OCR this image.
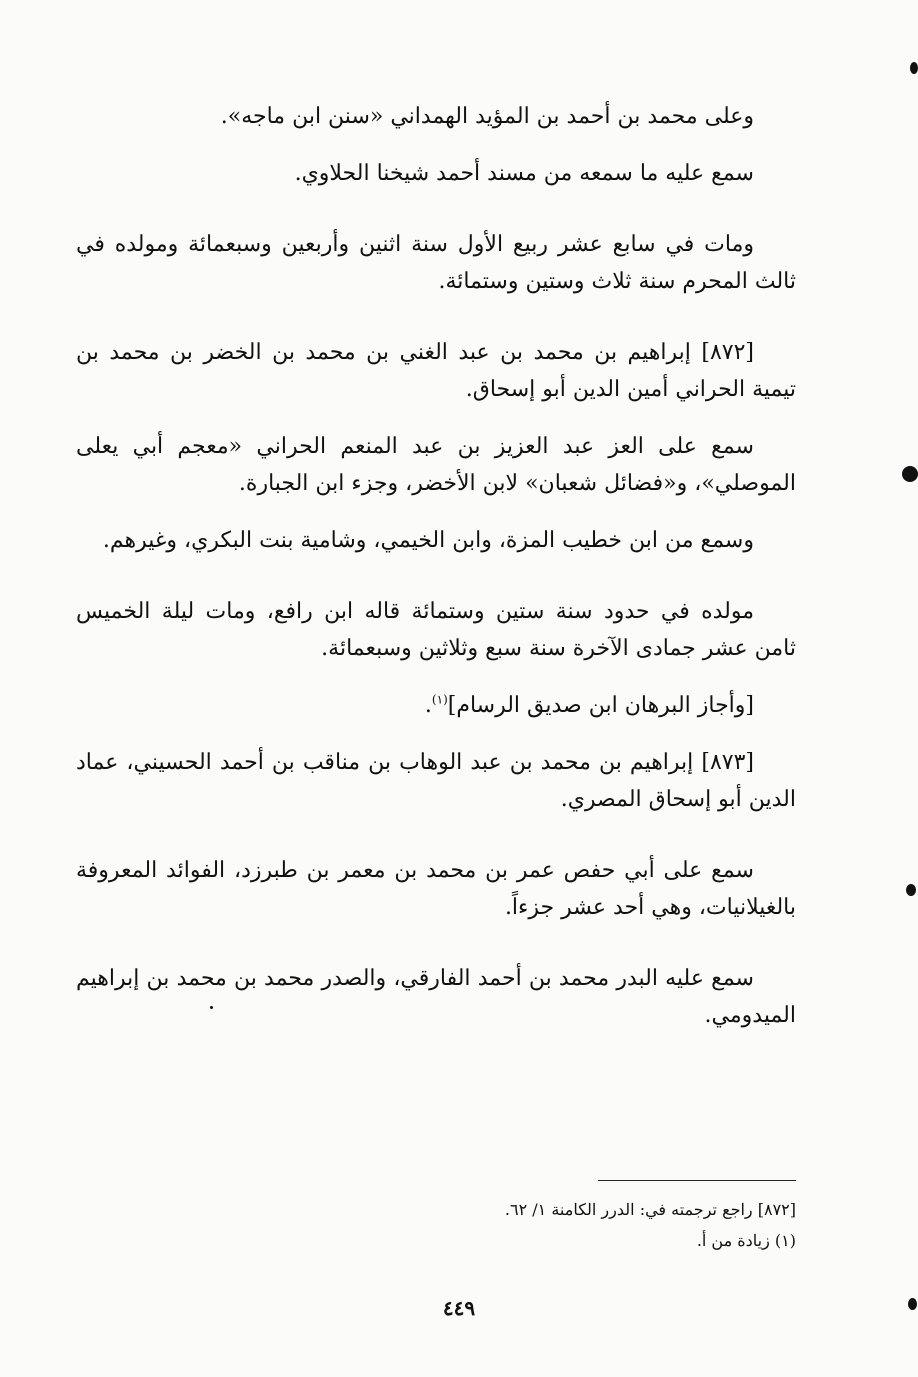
وعلى محمد بن أحمد بن المؤيد الهمداني «سنن ابن ماجه».

سمع عليه ما سمعه من مسند أحمد شيخنا الحلاوي.

ومات في سابع عشر ربيع الأول سنة اثنين وأربعين وسبعمائة ومولده في ثالث المحرم سنة ثلاث وستين وستمائة.

[٨٧٢] إبراهيم بن محمد بن عبد الغني بن محمد بن الخضر بن محمد بن تيمية الحراني أمين الدين أبو إسحاق.

سمع على العز عبد العزيز بن عبد المنعم الحراني «معجم أبي يعلى الموصلي»، و«فضائل شعبان» لابن الأخضر، وجزء ابن الجبارة.

وسمع من ابن خطيب المزة، وابن الخيمي، وشامية بنت البكري، وغيرهم.

مولده في حدود سنة ستين وستمائة قاله ابن رافع، ومات ليلة الخميس ثامن عشر جمادى الآخرة سنة سبع وثلاثين وسبعمائة.

[وأجاز البرهان ابن صديق الرسام]$^{(١)}$.

[٨٧٣] إبراهيم بن محمد بن عبد الوهاب بن مناقب بن أحمد الحسيني، عماد الدين أبو إسحاق المصري.

سمع على أبي حفص عمر بن محمد بن معمر بن طبرزد، الفوائد المعروفة بالغيلانيات، وهي أحد عشر جزءاً.

سمع عليه البدر محمد بن أحمد الفارقي، والصدر محمد بن محمد بن إبراهيم الميدومي.

[٨٧٢] راجع ترجمته في: الدرر الكامنة ١/ ٦٢.
(١) زيادة من أ.
٤٤٩
